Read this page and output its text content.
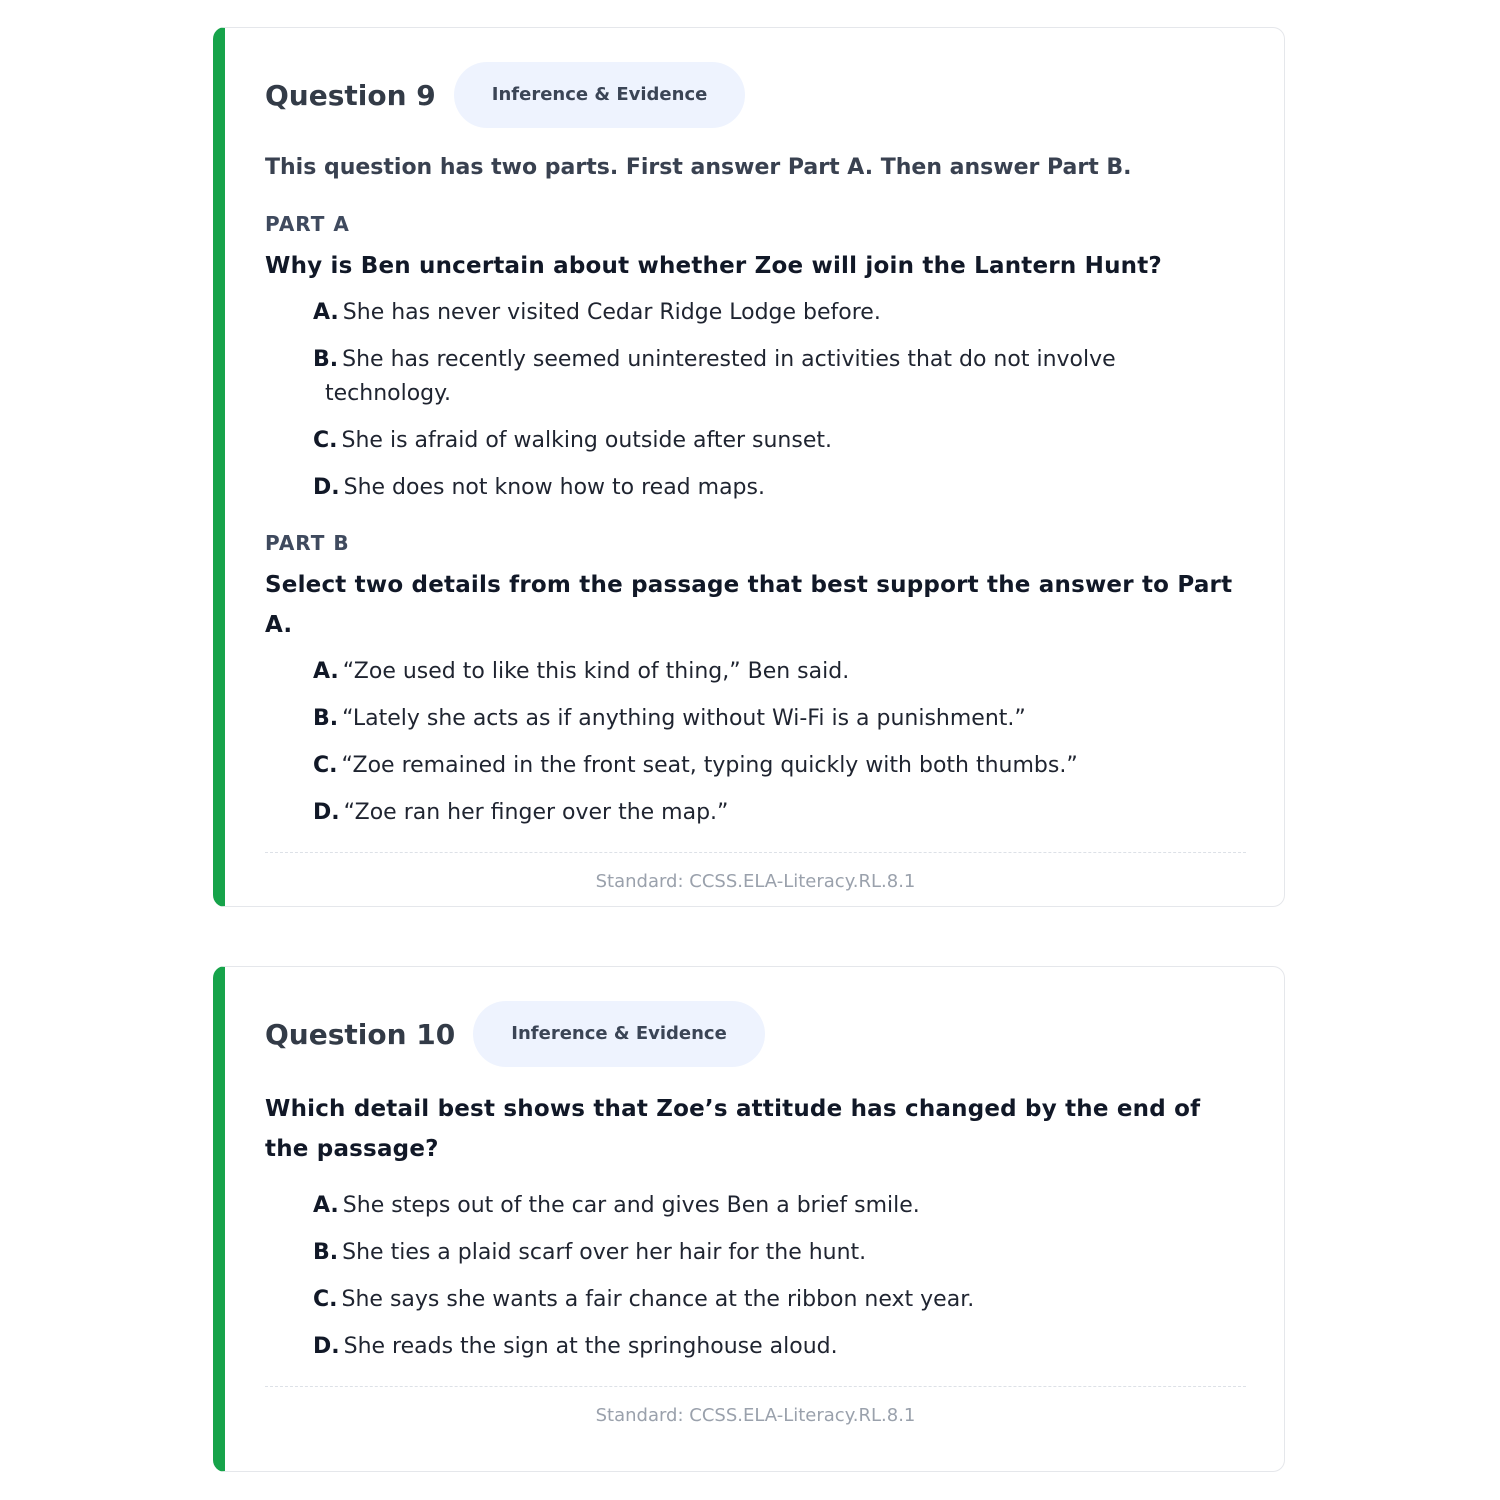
Question 9	Inference & Evidence
This question has two parts. First answer Part A. Then answer Part B.
PART A
Why is Ben uncertain about whether Zoe will join the Lantern Hunt?
A. She has never visited Cedar Ridge Lodge before.
B. She has recently seemed uninterested in activities that do not involve technology.
C. She is afraid of walking outside after sunset.
D. She does not know how to read maps.
PART B
Select two details from the passage that best support the answer to Part A.
A. “Zoe used to like this kind of thing,” Ben said.
B. “Lately she acts as if anything without Wi-Fi is a punishment.”
C. “Zoe remained in the front seat, typing quickly with both thumbs.”
D. “Zoe ran her finger over the map.”
Standard: CCSS.ELA-Literacy.RL.8.1
Question 10	Inference & Evidence
Which detail best shows that Zoe’s attitude has changed by the end of the passage?
A. She steps out of the car and gives Ben a brief smile.
B. She ties a plaid scarf over her hair for the hunt.
C. She says she wants a fair chance at the ribbon next year.
D. She reads the sign at the springhouse aloud.
Standard: CCSS.ELA-Literacy.RL.8.1
